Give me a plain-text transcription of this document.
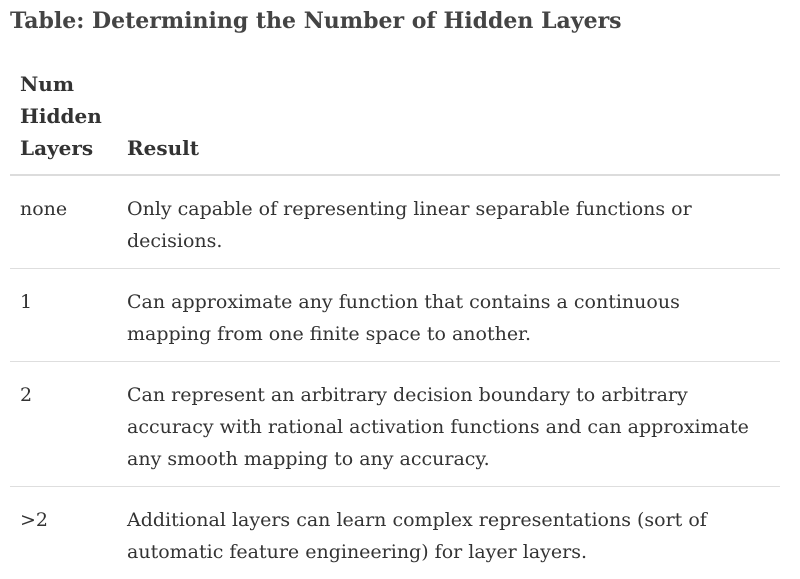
Table: Determining the Number of Hidden Layers
Num
Hidden
Layers	Result
none	Only capable of representing linear separable functions or decisions.
1	Can approximate any function that contains a continuous mapping from one finite space to another.
2	Can represent an arbitrary decision boundary to arbitrary accuracy with rational activation functions and can approximate any smooth mapping to any accuracy.
>2	Additional layers can learn complex representations (sort of automatic feature engineering) for layer layers.
